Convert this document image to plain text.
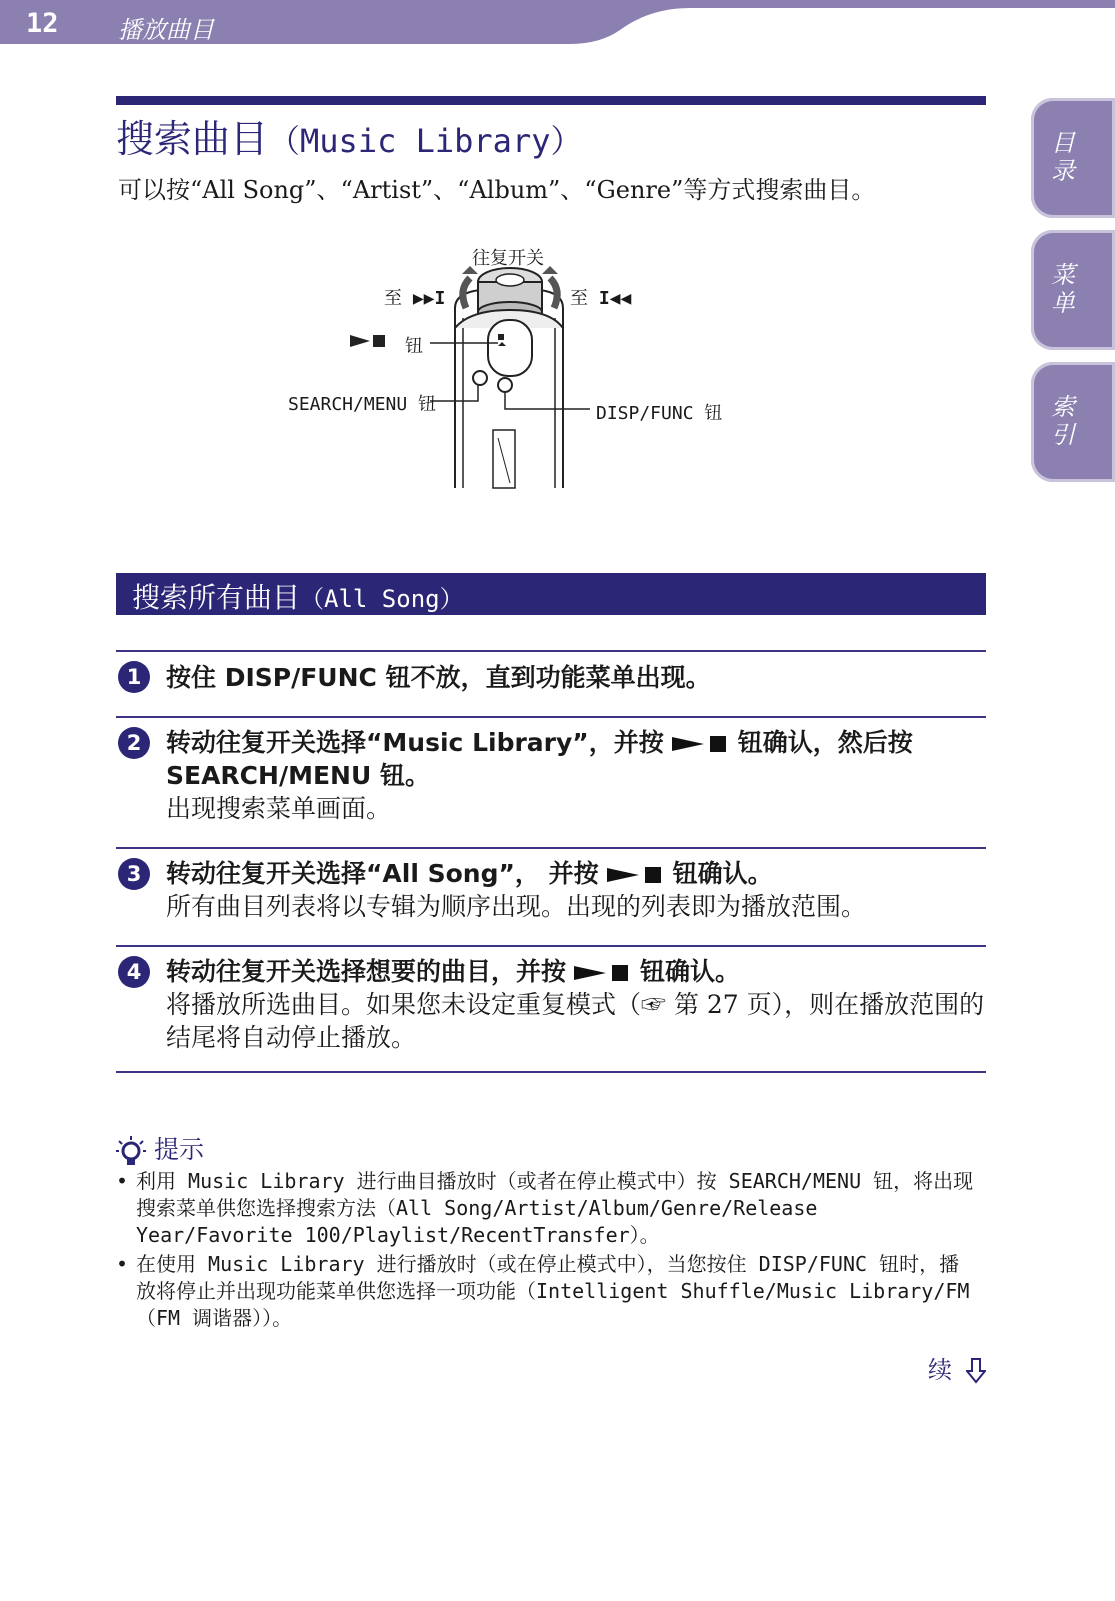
12 播放曲目
目录
菜单
索引
搜索曲目（Music Library）
可以按“All Song”、“Artist”、“Album”、“Genre”等方式搜索曲目。
往复开关
至 ▶▶I	至 I◀◀
钮
SEARCH/MENU 钮	DISP/FUNC 钮
搜索所有曲目（All Song）
1 按住 DISP/FUNC 钮不放，直到功能菜单出现。
2 转动往复开关选择“Music Library”，并按	钮确认，然后按 SEARCH/MENU 钮。
出现搜索菜单画面。
3 转动往复开关选择“All Song”， 并按	钮确认。
所有曲目列表将以专辑为顺序出现。出现的列表即为播放范围。
4 转动往复开关选择想要的曲目，并按	钮确认。
将播放所选曲目。如果您未设定重复模式（☞ 第 27 页），则在播放范围的结尾将自动停止播放。
提示
• 利用 Music Library 进行曲目播放时（或者在停止模式中）按 SEARCH/MENU 钮，将出现搜索菜单供您选择搜索方法（All Song/Artist/Album/Genre/Release Year/Favorite 100/Playlist/RecentTransfer）。
• 在使用 Music Library 进行播放时（或在停止模式中），当您按住 DISP/FUNC 钮时，播放将停止并出现功能菜单供您选择一项功能（Intelligent Shuffle/Music Library/FM（FM 调谐器））。
续
